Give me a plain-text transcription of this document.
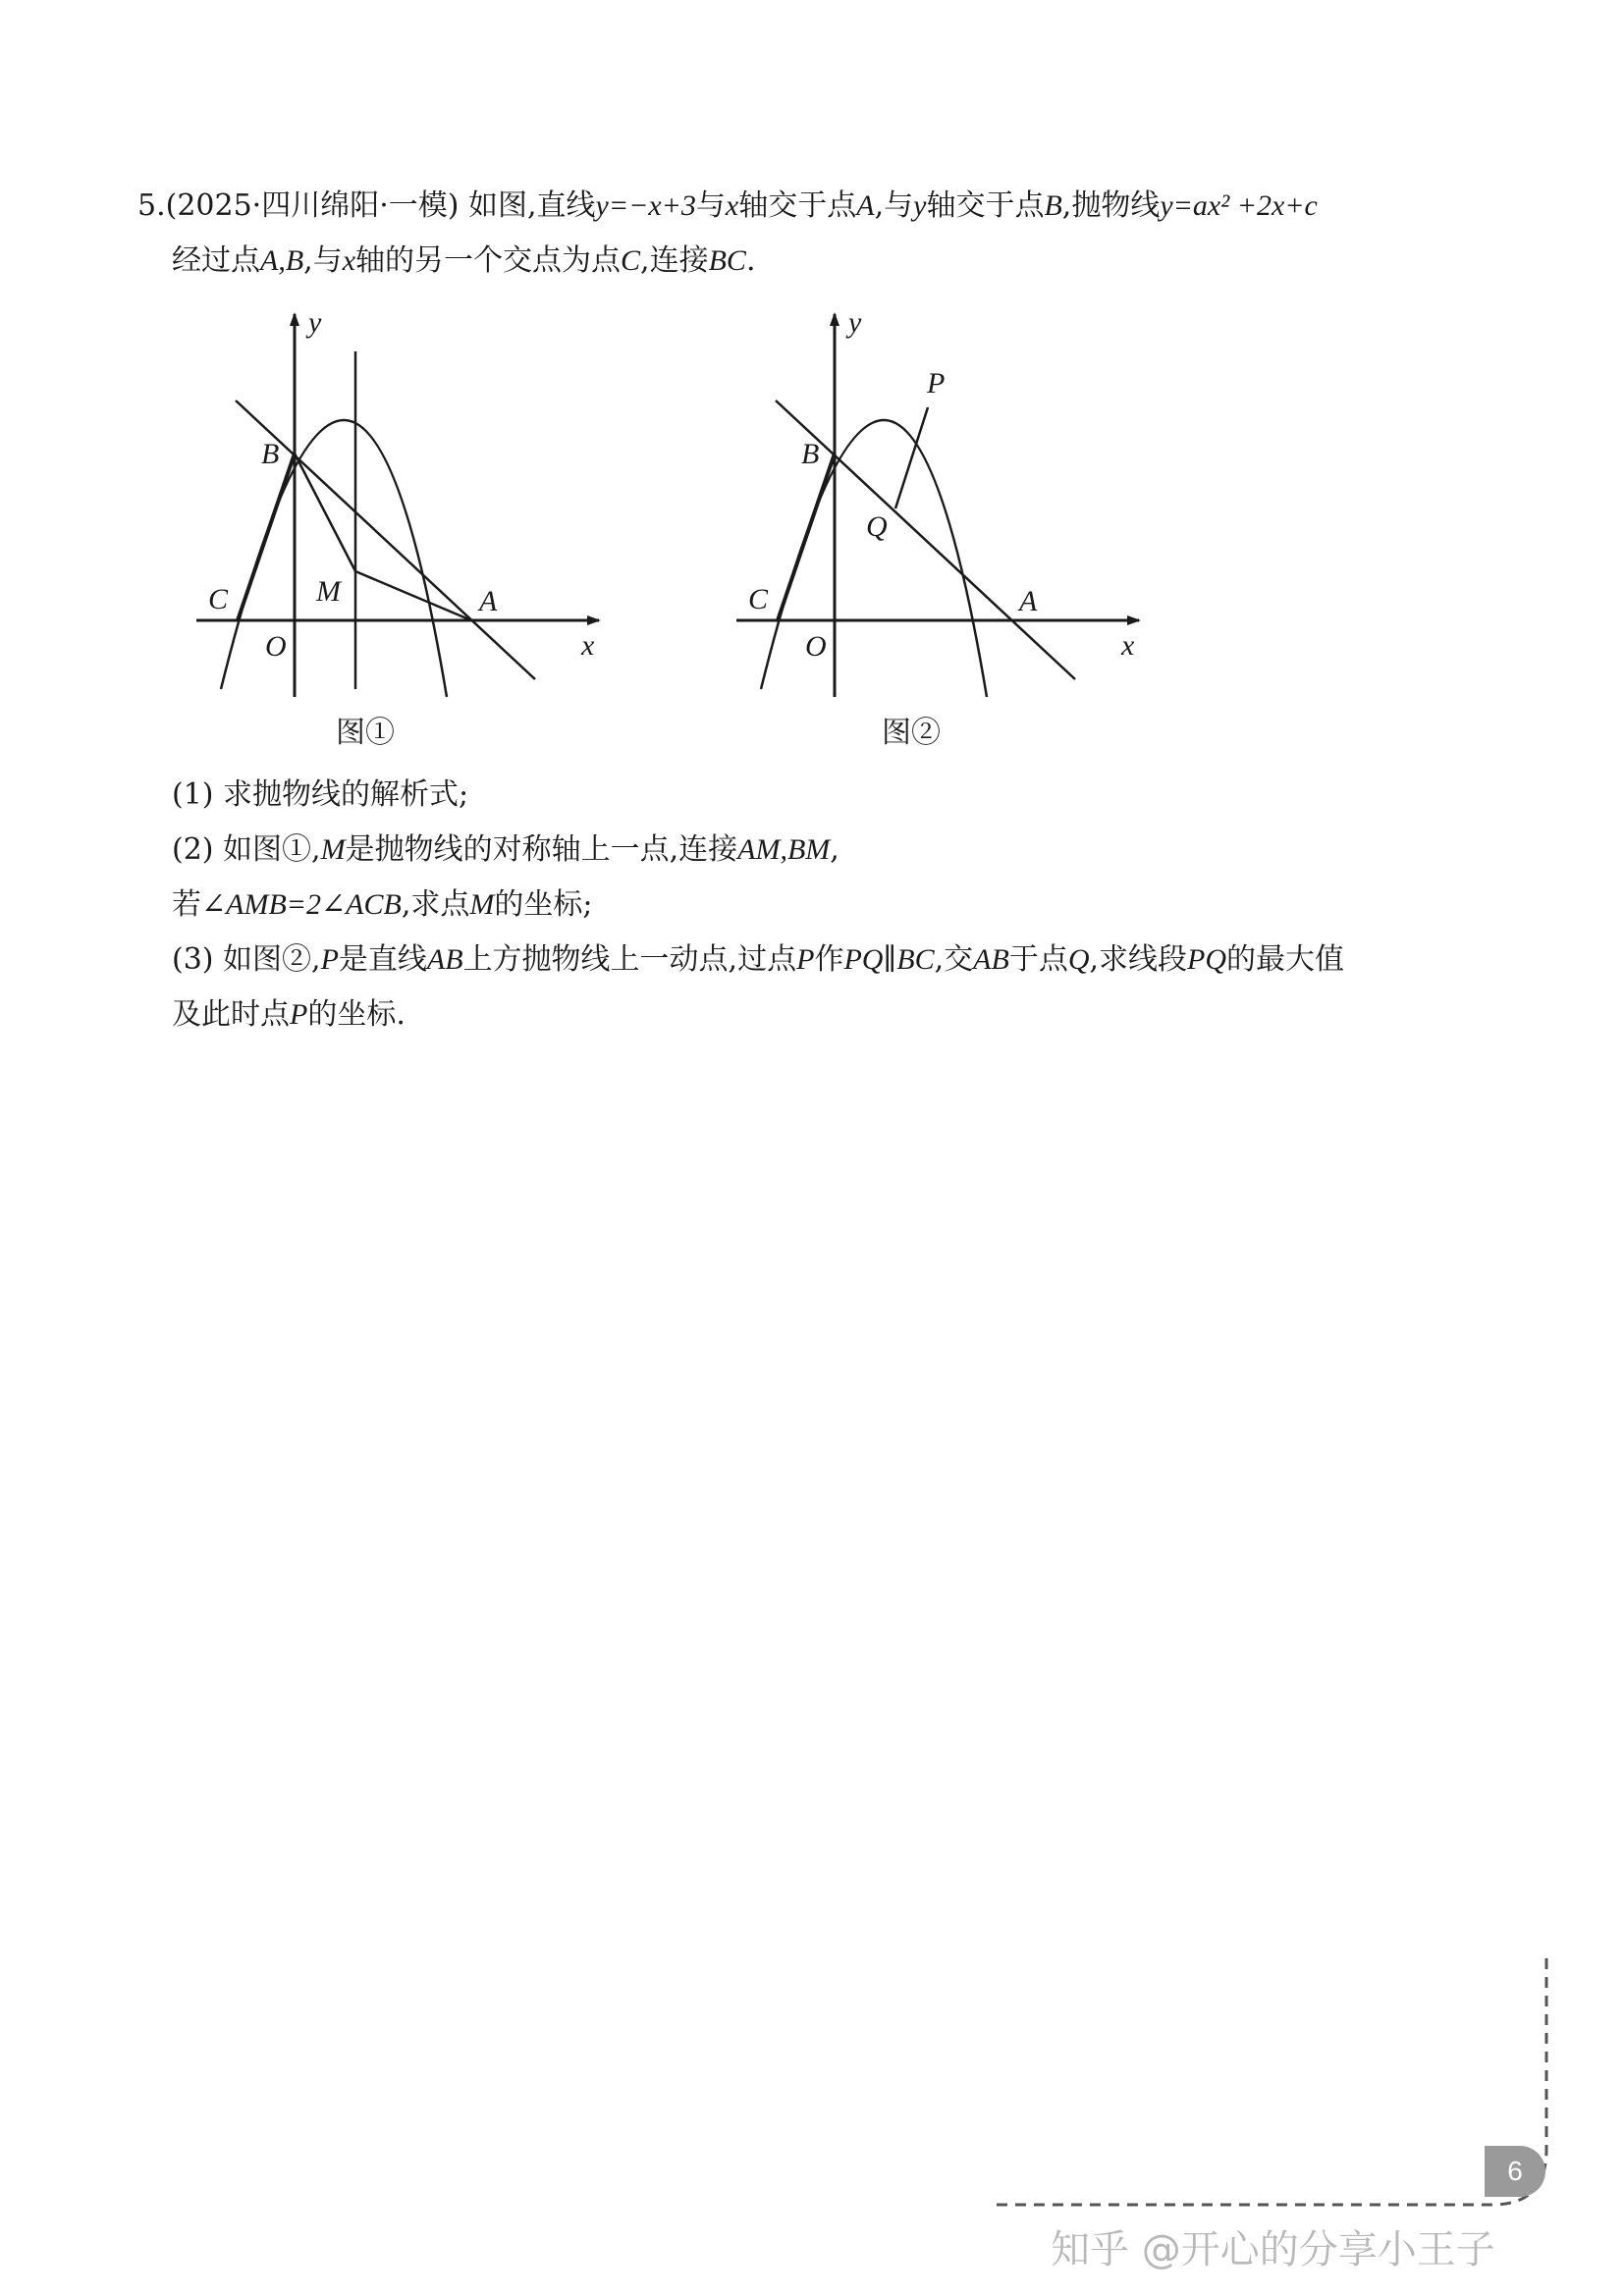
5.(2025·四川绵阳·一模) 如图,直线y=−x+3与x轴交于点A,与y轴交于点B,抛物线y=ax² +2x+c
经过点A,B,与x轴的另一个交点为点C,连接BC.
y
x
B
C
O
M	A
图①
y
x
B
C
O
Q
P
A
图②
(1) 求抛物线的解析式;
(2) 如图①,M是抛物线的对称轴上一点,连接AM,BM,
若∠AMB=2∠ACB,求点M的坐标;
(3) 如图②,P是直线AB上方抛物线上一动点,过点P作PQ∥BC,交AB于点Q,求线段PQ的最大值
及此时点P的坐标.
6
知乎 @开心的分享小王子
